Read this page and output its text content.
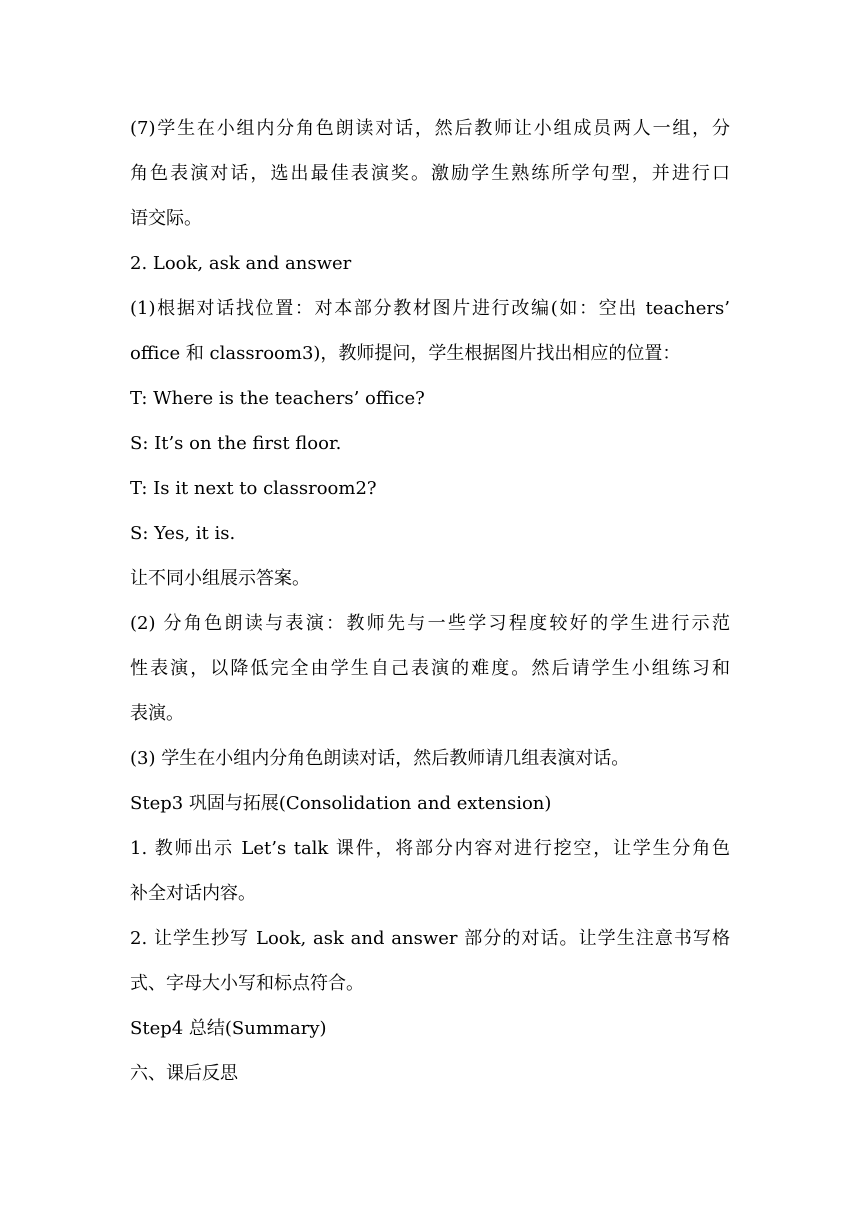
(7)学生在小组内分角色朗读对话，然后教师让小组成员两人一组，分
角色表演对话，选出最佳表演奖。激励学生熟练所学句型，并进行口
语交际。
2. Look, ask and answer
(1)根据对话找位置：对本部分教材图片进行改编(如：空出 teachers’
office 和 classroom3)，教师提问，学生根据图片找出相应的位置：
T: Where is the teachers’ office?
S: It’s on the first floor.
T: Is it next to classroom2?
S: Yes, it is.
让不同小组展示答案。
(2) 分角色朗读与表演：教师先与一些学习程度较好的学生进行示范
性表演，以降低完全由学生自己表演的难度。然后请学生小组练习和
表演。
(3) 学生在小组内分角色朗读对话，然后教师请几组表演对话。
Step3 巩固与拓展(Consolidation and extension)
1. 教师出示 Let’s talk 课件，将部分内容对进行挖空，让学生分角色
补全对话内容。
2. 让学生抄写 Look, ask and answer 部分的对话。让学生注意书写格
式、字母大小写和标点符合。
Step4 总结(Summary)
六、课后反思
